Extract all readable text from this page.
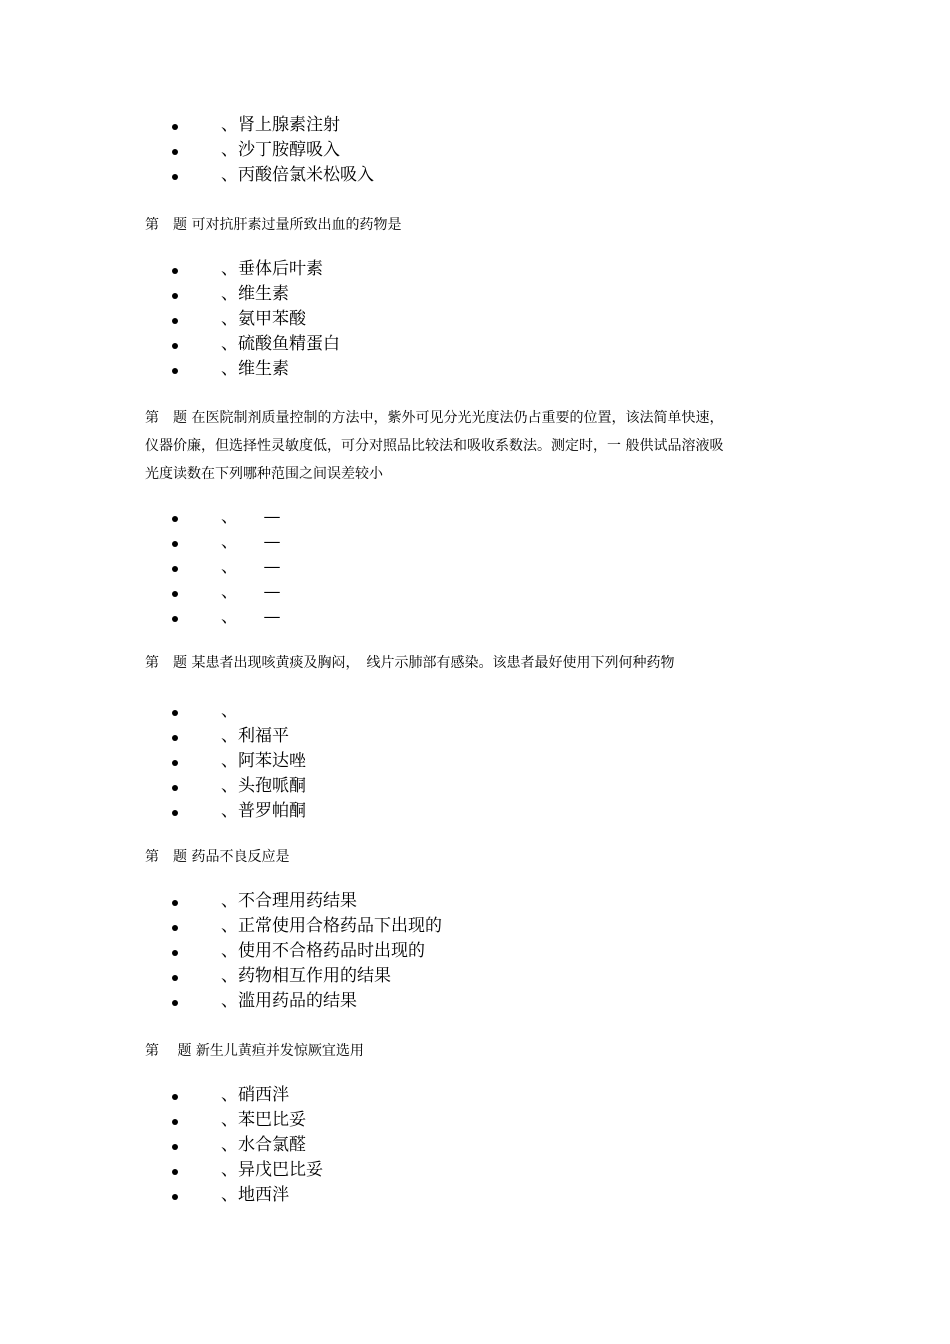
、肾上腺素注射
、沙丁胺醇吸入
、丙酸倍氯米松吸入

第　题 可对抗肝素过量所致出血的药物是

、垂体后叶素
、维生素
、氨甲苯酸
、硫酸鱼精蛋白
、维生素

第　题 在医院制剂质量控制的方法中，紫外可见分光光度法仍占重要的位置，该法简单快速，
仪器价廉，但选择性灵敏度低，可分对照品比较法和吸收系数法。测定时，一 般供试品溶液吸
光度读数在下列哪种范围之间误差较小

、　　—
、　　—
、　　—
、　　—
、　　—

第　题 某患者出现咳黄痰及胸闷，　线片示肺部有感染。该患者最好使用下列何种药物

、
、利福平
、阿苯达唑
、头孢哌酮
、普罗帕酮

第　题 药品不良反应是

、不合理用药结果
、正常使用合格药品下出现的
、使用不合格药品时出现的
、药物相互作用的结果
、滥用药品的结果

第　 题 新生儿黄疸并发惊厥宜选用

、硝西泮
、苯巴比妥
、水合氯醛
、异戊巴比妥
、地西泮
